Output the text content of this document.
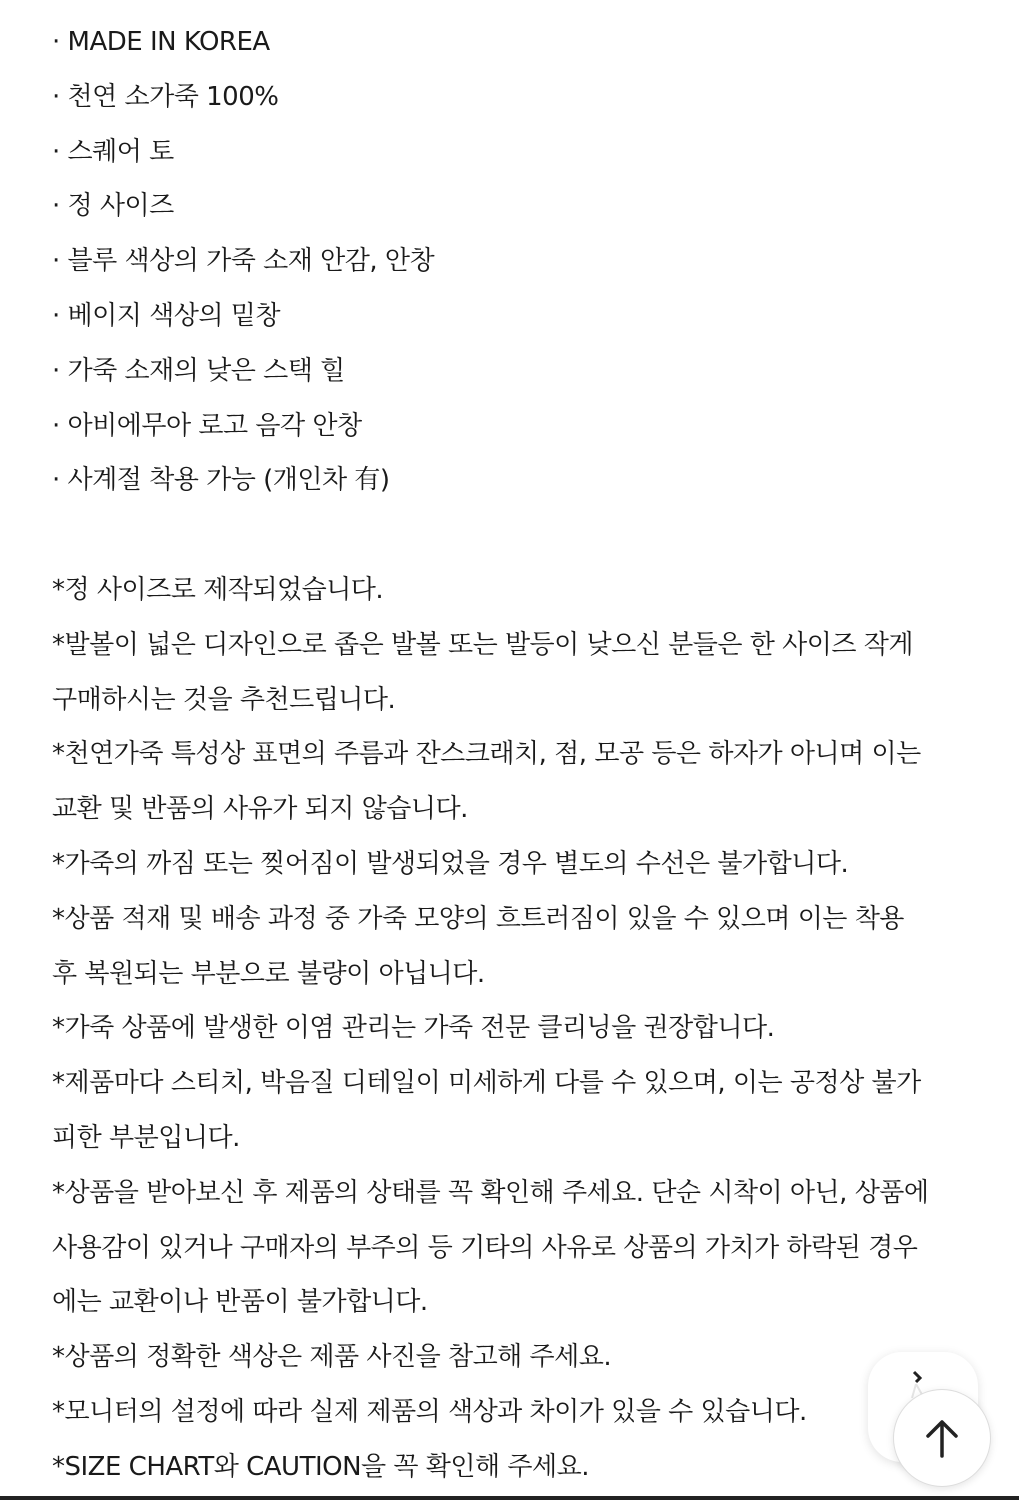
· MADE IN KOREA
· 천연 소가죽 100%
· 스퀘어 토
· 정 사이즈
· 블루 색상의 가죽 소재 안감, 안창
· 베이지 색상의 밑창
· 가죽 소재의 낮은 스택 힐
· 아비에무아 로고 음각 안창
· 사계절 착용 가능 (개인차 有)
*정 사이즈로 제작되었습니다.
*발볼이 넓은 디자인으로 좁은 발볼 또는 발등이 낮으신 분들은 한 사이즈 작게
구매하시는 것을 추천드립니다.
*천연가죽 특성상 표면의 주름과 잔스크래치, 점, 모공 등은 하자가 아니며 이는
교환 및 반품의 사유가 되지 않습니다.
*가죽의 까짐 또는 찢어짐이 발생되었을 경우 별도의 수선은 불가합니다.
*상품 적재 및 배송 과정 중 가죽 모양의 흐트러짐이 있을 수 있으며 이는 착용
후 복원되는 부분으로 불량이 아닙니다.
*가죽 상품에 발생한 이염 관리는 가죽 전문 클리닝을 권장합니다.
*제품마다 스티치, 박음질 디테일이 미세하게 다를 수 있으며, 이는 공정상 불가
피한 부분입니다.
*상품을 받아보신 후 제품의 상태를 꼭 확인해 주세요. 단순 시착이 아닌, 상품에
사용감이 있거나 구매자의 부주의 등 기타의 사유로 상품의 가치가 하락된 경우
에는 교환이나 반품이 불가합니다.
*상품의 정확한 색상은 제품 사진을 참고해 주세요.
*모니터의 설정에 따라 실제 제품의 색상과 차이가 있을 수 있습니다.
*SIZE CHART와 CAUTION을 꼭 확인해 주세요.
